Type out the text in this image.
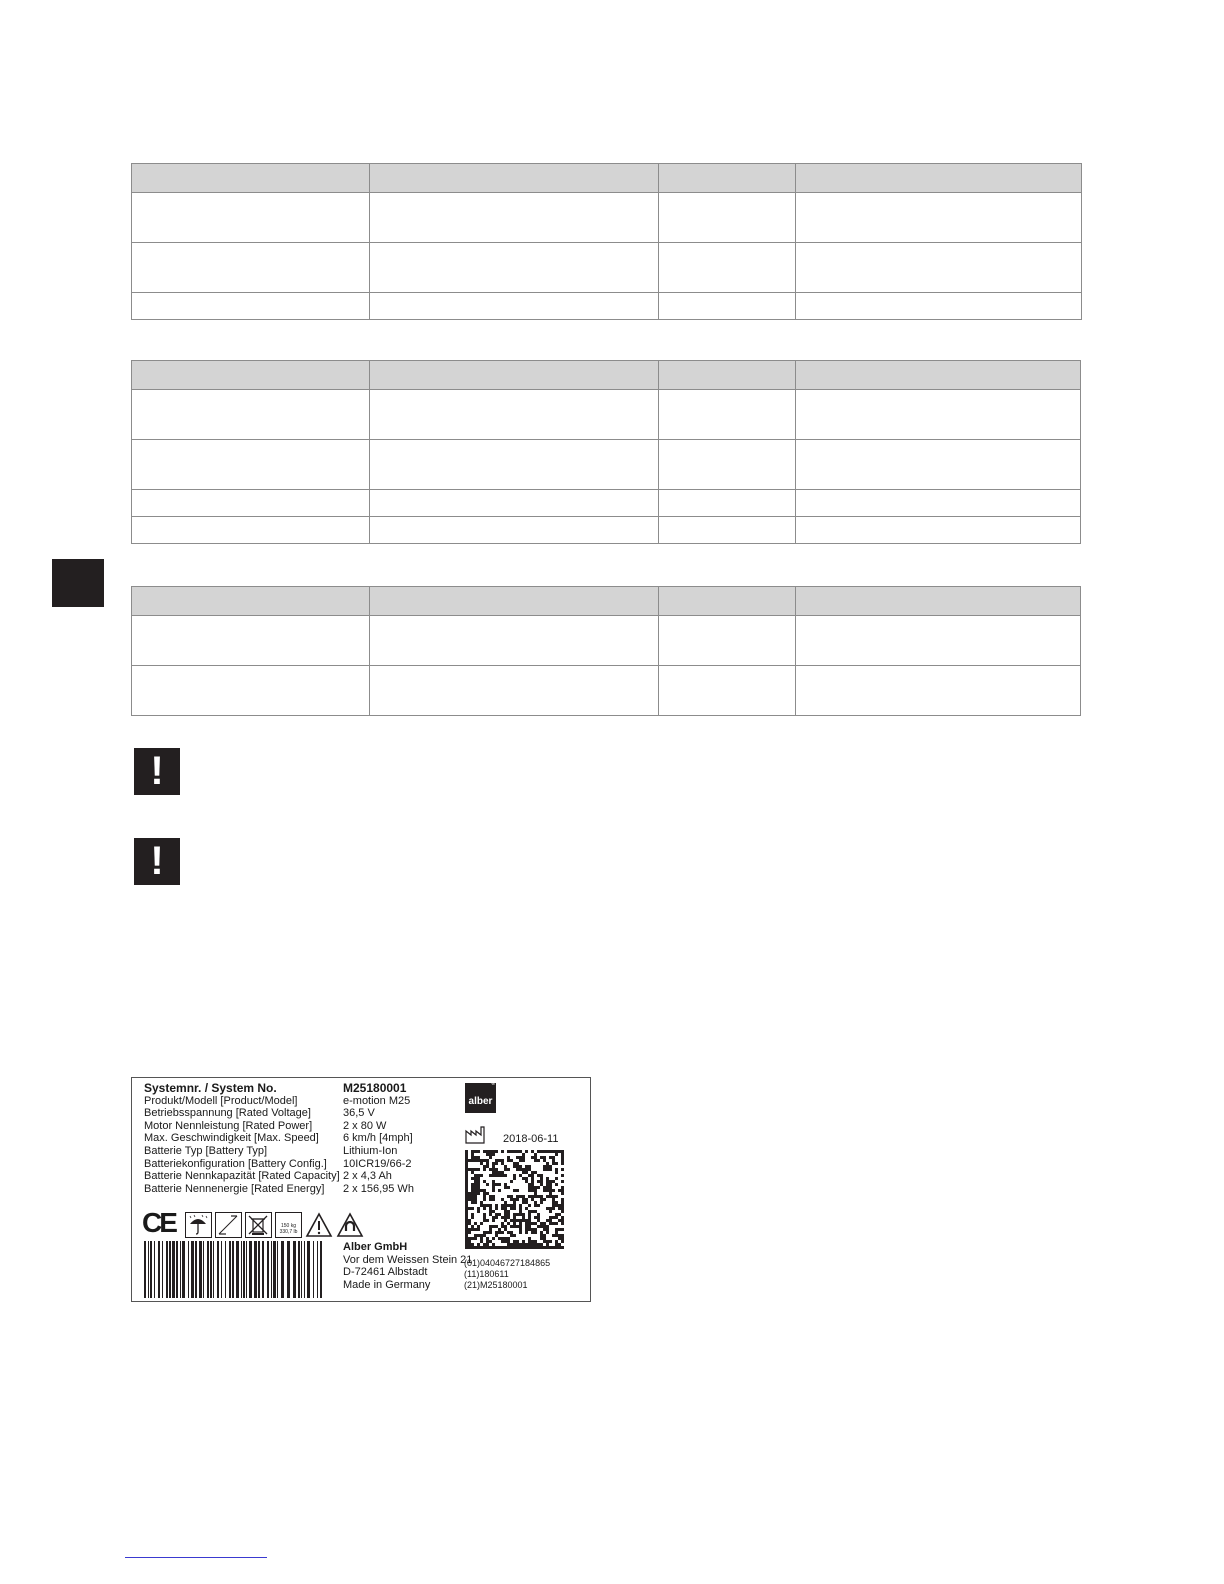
!
!
Systemnr. / System No.	M25180001
Produkt/Modell [Product/Model]	e-motion M25
Betriebsspannung [Rated Voltage]	36,5 V
Motor Nennleistung [Rated Power]	2 x 80 W
Max. Geschwindigkeit [Max. Speed]	6 km/h [4mph]
Batterie Typ [Battery Typ]	Lithium-Ion
Batteriekonfiguration [Battery Config.]	10ICR19/66-2
Batterie Nennkapazität [Rated Capacity] 2 x 4,3 Ah
Batterie Nennenergie [Rated Energy]	2 x 156,95 Wh
alber
®
2018-06-11
(01)04046727184865
(11)180611
(21)M25180001
CE	150 kg
330,7 lb
Alber GmbH
Vor dem Weissen Stein 21
D-72461 Albstadt
Made in Germany
